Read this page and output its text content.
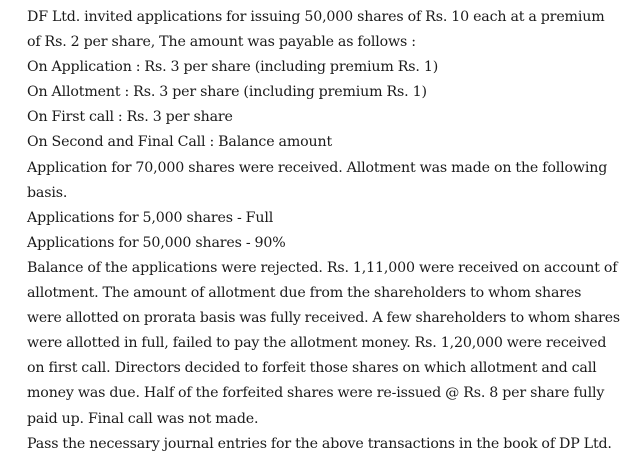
DF Ltd. invited applications for issuing 50,000 shares of Rs. 10 each at a premium
of Rs. 2 per share, The amount was payable as follows :
On Application : Rs. 3 per share (including premium Rs. 1)
On Allotment : Rs. 3 per share (including premium Rs. 1)
On First call : Rs. 3 per share
On Second and Final Call : Balance amount
Application for 70,000 shares were received. Allotment was made on the following
basis.
Applications for 5,000 shares - Full
Applications for 50,000 shares - 90%
Balance of the applications were rejected. Rs. 1,11,000 were received on account of
allotment. The amount of allotment due from the shareholders to whom shares
were allotted on prorata basis was fully received. A few shareholders to whom shares
were allotted in full, failed to pay the allotment money. Rs. 1,20,000 were received
on first call. Directors decided to forfeit those shares on which allotment and call
money was due. Half of the forfeited shares were re-issued @ Rs. 8 per share fully
paid up. Final call was not made.
Pass the necessary journal entries for the above transactions in the book of DP Ltd.
